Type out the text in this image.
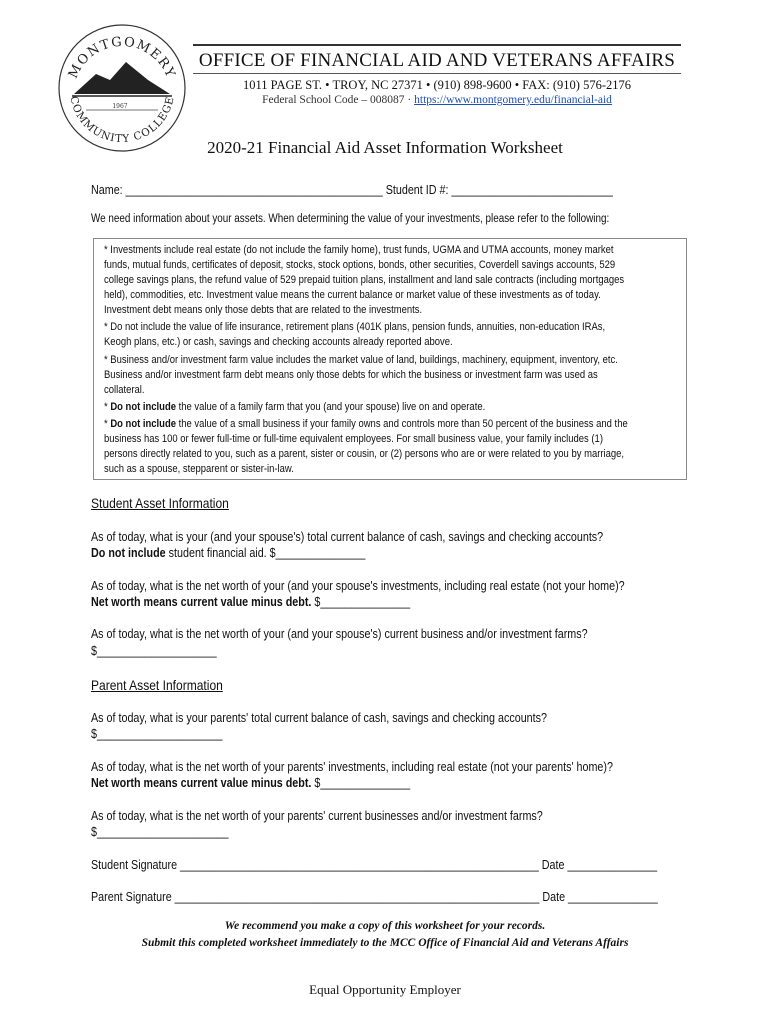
MONTGOMERY
COMMUNITY COLLEGE
1967
OFFICE OF FINANCIAL AID AND VETERANS AFFAIRS
1011 PAGE ST. • TROY, NC 27371 • (910) 898-9600 • FAX: (910) 576-2176
Federal School Code – 008087 · https://www.montgomery.edu/financial-aid
2020-21 Financial Aid Asset Information Worksheet
Name: ___________________________________________ Student ID #: ___________________________
We need information about your assets. When determining the value of your investments, please refer to the following:
* Investments include real estate (do not include the family home), trust funds, UGMA and UTMA accounts, money market
funds, mutual funds, certificates of deposit, stocks, stock options, bonds, other securities, Coverdell savings accounts, 529
college savings plans, the refund value of 529 prepaid tuition plans, installment and land sale contracts (including mortgages
held), commodities, etc. Investment value means the current balance or market value of these investments as of today.
Investment debt means only those debts that are related to the investments.
* Do not include the value of life insurance, retirement plans (401K plans, pension funds, annuities, non-education IRAs,
Keogh plans, etc.) or cash, savings and checking accounts already reported above.
* Business and/or investment farm value includes the market value of land, buildings, machinery, equipment, inventory, etc.
Business and/or investment farm debt means only those debts for which the business or investment farm was used as
collateral.
* Do not include the value of a family farm that you (and your spouse) live on and operate.
* Do not include the value of a small business if your family owns and controls more than 50 percent of the business and the
business has 100 or fewer full-time or full-time equivalent employees. For small business value, your family includes (1)
persons directly related to you, such as a parent, sister or cousin, or (2) persons who are or were related to you by marriage,
such as a spouse, stepparent or sister-in-law.
Student Asset Information
As of today, what is your (and your spouse's) total current balance of cash, savings and checking accounts?
Do not include student financial aid. $_______________
As of today, what is the net worth of your (and your spouse's investments, including real estate (not your home)?
Net worth means current value minus debt. $_______________
As of today, what is the net worth of your (and your spouse's) current business and/or investment farms?
$____________________
Parent Asset Information
As of today, what is your parents' total current balance of cash, savings and checking accounts?
$_____________________
As of today, what is the net worth of your parents' investments, including real estate (not your parents' home)?
Net worth means current value minus debt. $_______________
As of today, what is the net worth of your parents' current businesses and/or investment farms?
$______________________
Student Signature ____________________________________________________________ Date _______________
Parent Signature _____________________________________________________________ Date _______________
We recommend you make a copy of this worksheet for your records.
Submit this completed worksheet immediately to the MCC Office of Financial Aid and Veterans Affairs
Equal Opportunity Employer
